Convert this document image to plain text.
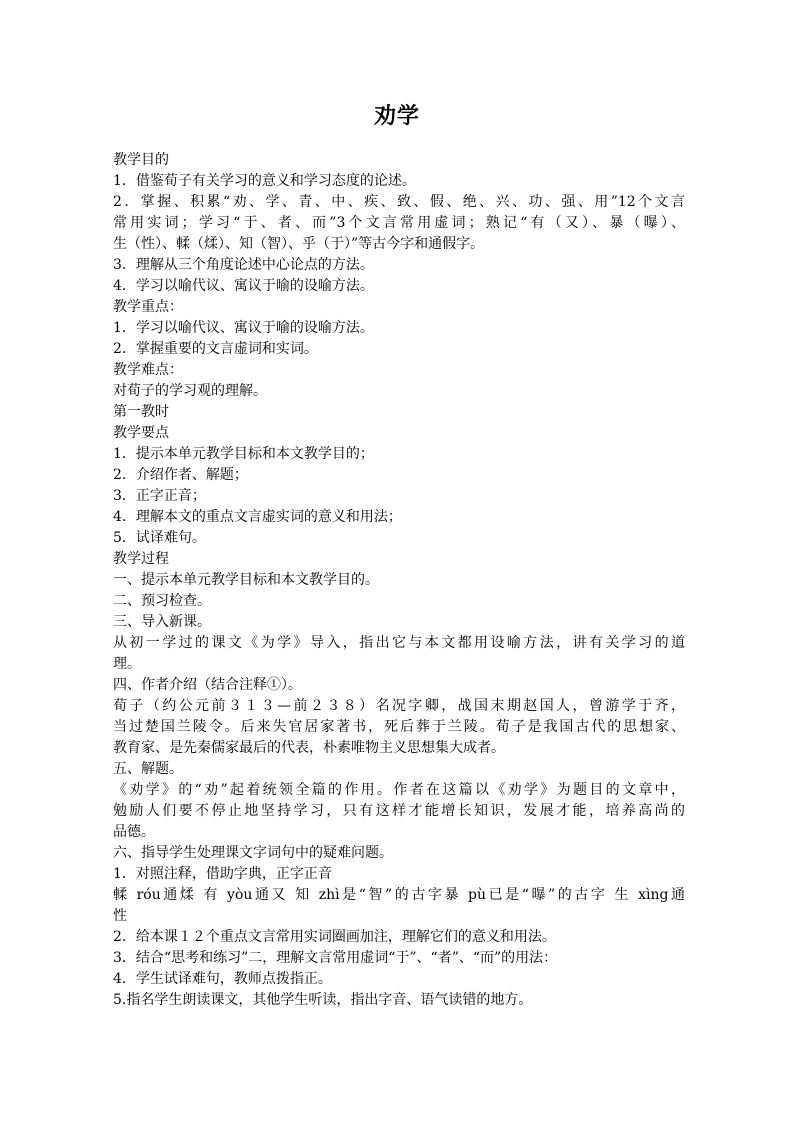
劝学
教学目的
1．借鉴荀子有关学习的意义和学习态度的论述。
2．掌握、积累“劝、学、青、中、疾、致、假、绝、兴、功、强、用”12个文言
常用实词；学习“于、者、而”3个文言常用虚词；熟记“有（又）、暴（曝）、
生（性）、輮（煣）、知（智）、乎（于）”等古今字和通假字。
3．理解从三个角度论述中心论点的方法。
4．学习以喻代议、寓议于喻的设喻方法。
教学重点：
1．学习以喻代议、寓议于喻的设喻方法。
2．掌握重要的文言虚词和实词。
教学难点：
对荀子的学习观的理解。
第一教时
教学要点
1．提示本单元教学目标和本文教学目的；
2．介绍作者、解题；
3．正字正音；
4．理解本文的重点文言虚实词的意义和用法；
5．试译难句。
教学过程
一、提示本单元教学目标和本文教学目的。
二、预习检查。
三、导入新课。
从初一学过的课文《为学》导入，指出它与本文都用设喻方法，讲有关学习的道
理。
四、作者介绍（结合注释①）。
荀子（约公元前３１３—前２３８）名况字卿，战国末期赵国人，曾游学于齐，
当过楚国兰陵令。后来失官居家著书，死后葬于兰陵。荀子是我国古代的思想家、
教育家、是先秦儒家最后的代表，朴素唯物主义思想集大成者。
五、解题。
《劝学》的“劝”起着统领全篇的作用。作者在这篇以《劝学》为题目的文章中，
勉励人们要不停止地坚持学习，只有这样才能增长知识，发展才能，培养高尚的
品德。
六、指导学生处理课文字词句中的疑难问题。
1．对照注释，借助字典，正字正音
輮 róu通煣 有 yòu通又 知 zhì是“智”的古字暴 pù已是“曝”的古字 生 xìng通
性
2．给本课１２个重点文言常用实词圈画加注，理解它们的意义和用法。
3．结合“思考和练习”二，理解文言常用虚词“于”、“者”、“而”的用法：
4．学生试译难句，教师点拨指正。
5.指名学生朗读课文，其他学生听读，指出字音、语气读错的地方。
